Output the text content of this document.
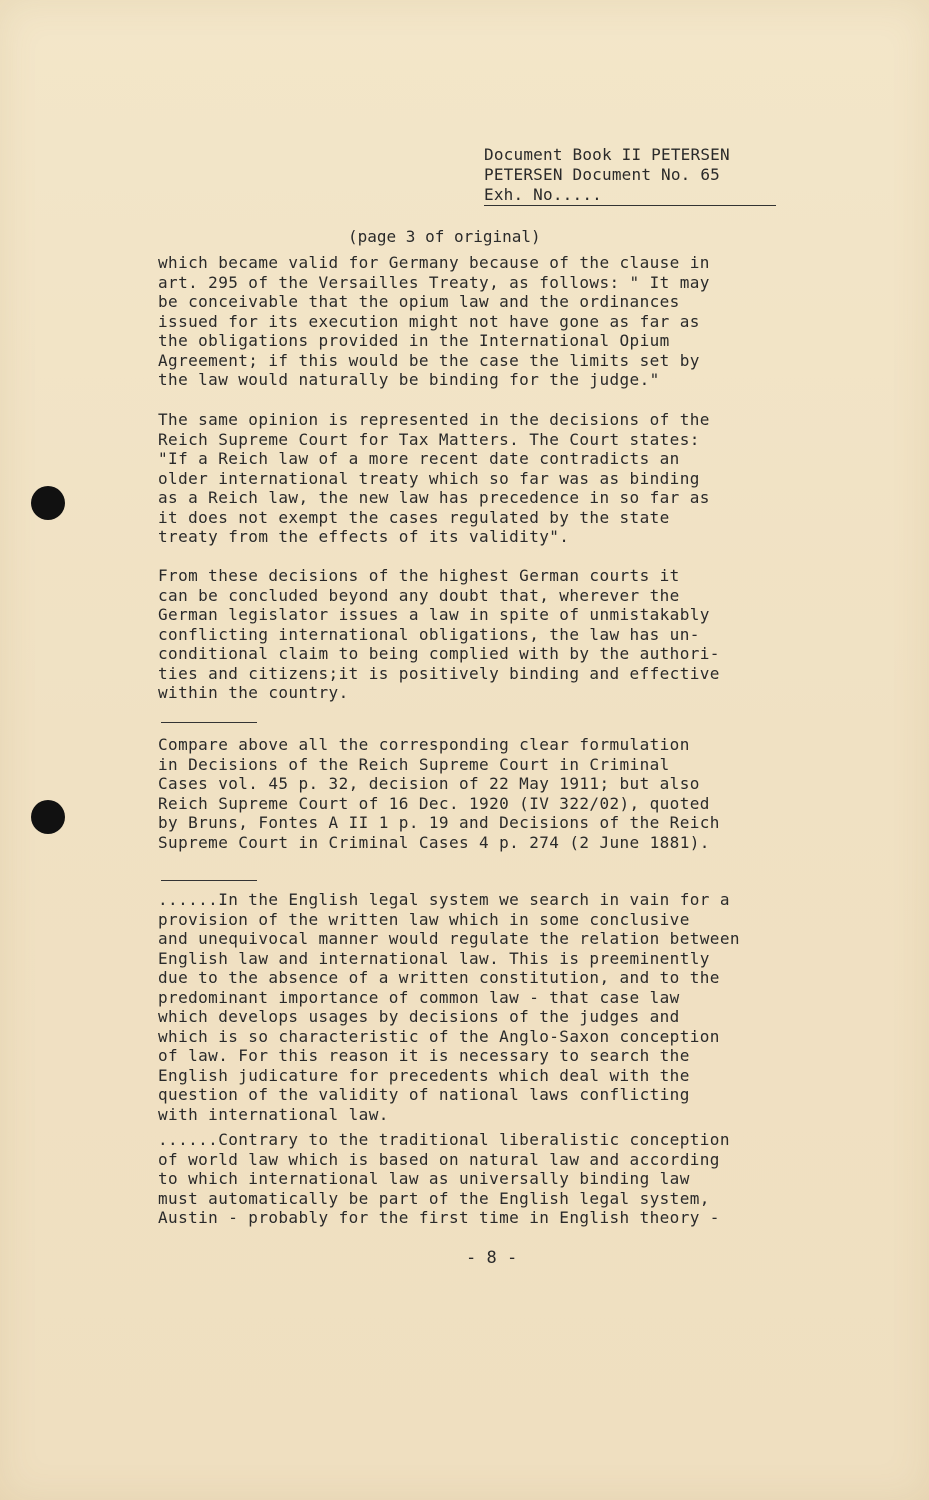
Document Book II PETERSEN
PETERSEN Document No. 65
Exh. No.....
(page 3 of original)

which became valid for Germany because of the clause in
art. 295 of the Versailles Treaty, as follows: " It may
be conceivable that the opium law and the ordinances
issued for its execution might not have gone as far as
the obligations provided in the International Opium
Agreement; if this would be the case the limits set by
the law would naturally be binding for the judge."

The same opinion is represented in the decisions of the
Reich Supreme Court for Tax Matters. The Court states:
"If a Reich law of a more recent date contradicts an
older international treaty which so far was as binding
as a Reich law, the new law has precedence in so far as
it does not exempt the cases regulated by the state
treaty from the effects of its validity".

From these decisions of the highest German courts it
can be concluded beyond any doubt that, wherever the
German legislator issues a law in spite of unmistakably
conflicting international obligations, the law has un-
conditional claim to being complied with by the authori-
ties and citizens;it is positively binding and effective
within the country.

Compare above all the corresponding clear formulation
in Decisions of the Reich Supreme Court in Criminal
Cases vol. 45 p. 32, decision of 22 May 1911; but also
Reich Supreme Court of 16 Dec. 1920 (IV 322/02), quoted
by Bruns, Fontes A II 1 p. 19 and Decisions of the Reich
Supreme Court in Criminal Cases 4 p. 274 (2 June 1881).

......In the English legal system we search in vain for a
provision of the written law which in some conclusive
and unequivocal manner would regulate the relation between
English law and international law. This is preeminently
due to the absence of a written constitution, and to the
predominant importance of common law - that case law
which develops usages by decisions of the judges and
which is so characteristic of the Anglo-Saxon conception
of law. For this reason it is necessary to search the
English judicature for precedents which deal with the
question of the validity of national laws conflicting
with international law.

......Contrary to the traditional liberalistic conception
of world law which is based on natural law and according
to which international law as universally binding law
must automatically be part of the English legal system,
Austin - probably for the first time in English theory -

- 8 -
